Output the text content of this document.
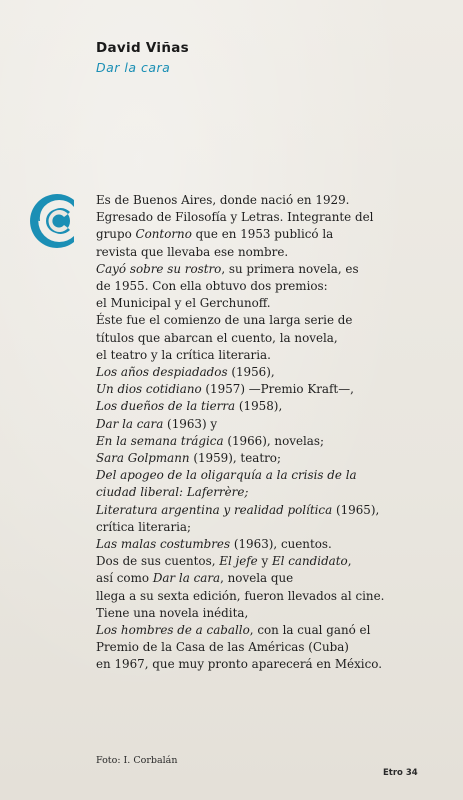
David Viñas
Dar la cara
Es de Buenos Aires, donde nació en 1929.
Egresado de Filosofía y Letras. Integrante del
grupo Contorno que en 1953 publicó la
revista que llevaba ese nombre.
Cayó sobre su rostro, su primera novela, es
de 1955. Con ella obtuvo dos premios:
el Municipal y el Gerchunoff.
Éste fue el comienzo de una larga serie de
títulos que abarcan el cuento, la novela,
el teatro y la crítica literaria.
Los años despiadados (1956),
Un dios cotidiano (1957) —Premio Kraft—,
Los dueños de la tierra (1958),
Dar la cara (1963) y
En la semana trágica (1966), novelas;
Sara Golpmann (1959), teatro;
Del apogeo de la oligarquía a la crisis de la
ciudad liberal: Laferrère;
Literatura argentina y realidad política (1965),
crítica literaria;
Las malas costumbres (1963), cuentos.
Dos de sus cuentos, El jefe y El candidato,
así como Dar la cara, novela que
llega a su sexta edición, fueron llevados al cine.
Tiene una novela inédita,
Los hombres de a caballo, con la cual ganó el
Premio de la Casa de las Américas (Cuba)
en 1967, que muy pronto aparecerá en México.
Foto: I. Corbalán
Etro 34
